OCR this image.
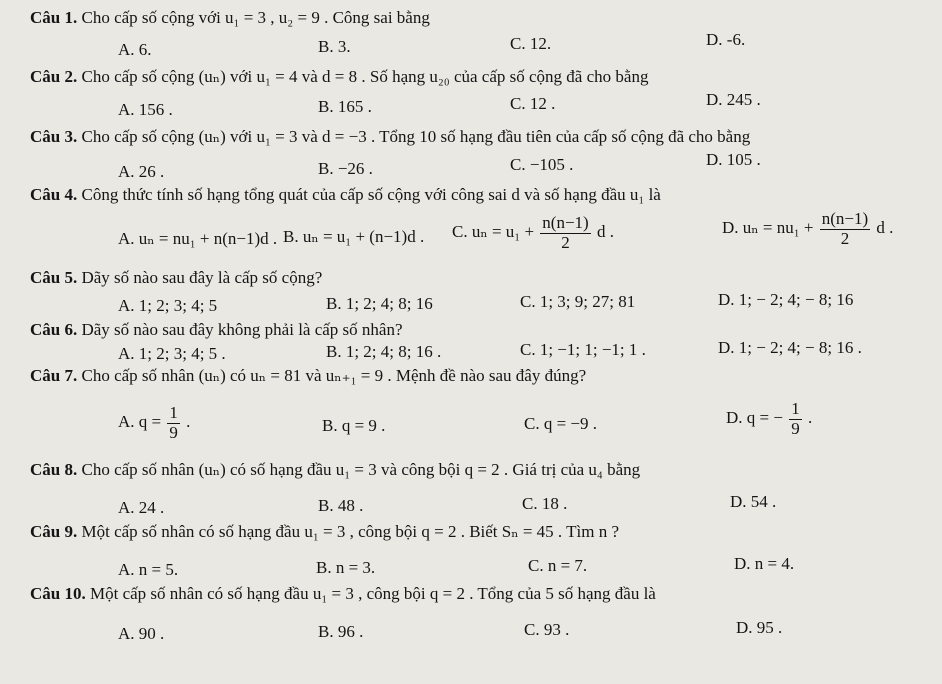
Câu 1. Cho cấp số cộng với u₁ = 3 , u₂ = 9 . Công sai bằng
A. 6.	B. 3.	C. 12.	D. -6.
Câu 2. Cho cấp số cộng (uₙ) với u₁ = 4 và d = 8 . Số hạng u₂₀ của cấp số cộng đã cho bằng
A. 156 .	B. 165 .	C. 12 .	D. 245 .
Câu 3. Cho cấp số cộng (uₙ) với u₁ = 3 và d = −3 . Tổng 10 số hạng đầu tiên của cấp số cộng đã cho bằng
A. 26 .	B. −26 .	C. −105 .	D. 105 .
Câu 4. Công thức tính số hạng tổng quát của cấp số cộng với công sai d và số hạng đầu u₁ là
A. uₙ = nu₁ + n(n−1)d . B. uₙ = u₁ + (n−1)d . C. $u_n = u_1 + \frac{n(n-1)}{2}$ d .	D. $u_n = nu_1 + \frac{n(n-1)}{2}$ d .
Câu 5. Dãy số nào sau đây là cấp số cộng?
A. 1; 2; 3; 4; 5	B. 1; 2; 4; 8; 16	C. 1; 3; 9; 27; 81	D. 1; − 2; 4; − 8; 16
Câu 6. Dãy số nào sau đây không phải là cấp số nhân?
A. 1; 2; 3; 4; 5 .	B. 1; 2; 4; 8; 16 .	C. 1; −1; 1; −1; 1 .	D. 1; − 2; 4; − 8; 16 .
Câu 7. Cho cấp số nhân (uₙ) có uₙ = 81 và uₙ₊₁ = 9 . Mệnh đề nào sau đây đúng?
A. $q = \frac{1}{9}$ .	B. q = 9 .	C. q = −9 .	D. q = − $\frac{1}{9}$ .
Câu 8. Cho cấp số nhân (uₙ) có số hạng đầu u₁ = 3 và công bội q = 2 . Giá trị của u₄ bằng
A. 24 .	B. 48 .	C. 18 .	D. 54 .
Câu 9. Một cấp số nhân có số hạng đầu u₁ = 3 , công bội q = 2 . Biết Sₙ = 45 . Tìm n ?
A. n = 5.	B. n = 3.	C. n = 7.	D. n = 4.
Câu 10. Một cấp số nhân có số hạng đầu u₁ = 3 , công bội q = 2 . Tổng của 5 số hạng đầu là
A. 90 .	B. 96 .	C. 93 .	D. 95 .
